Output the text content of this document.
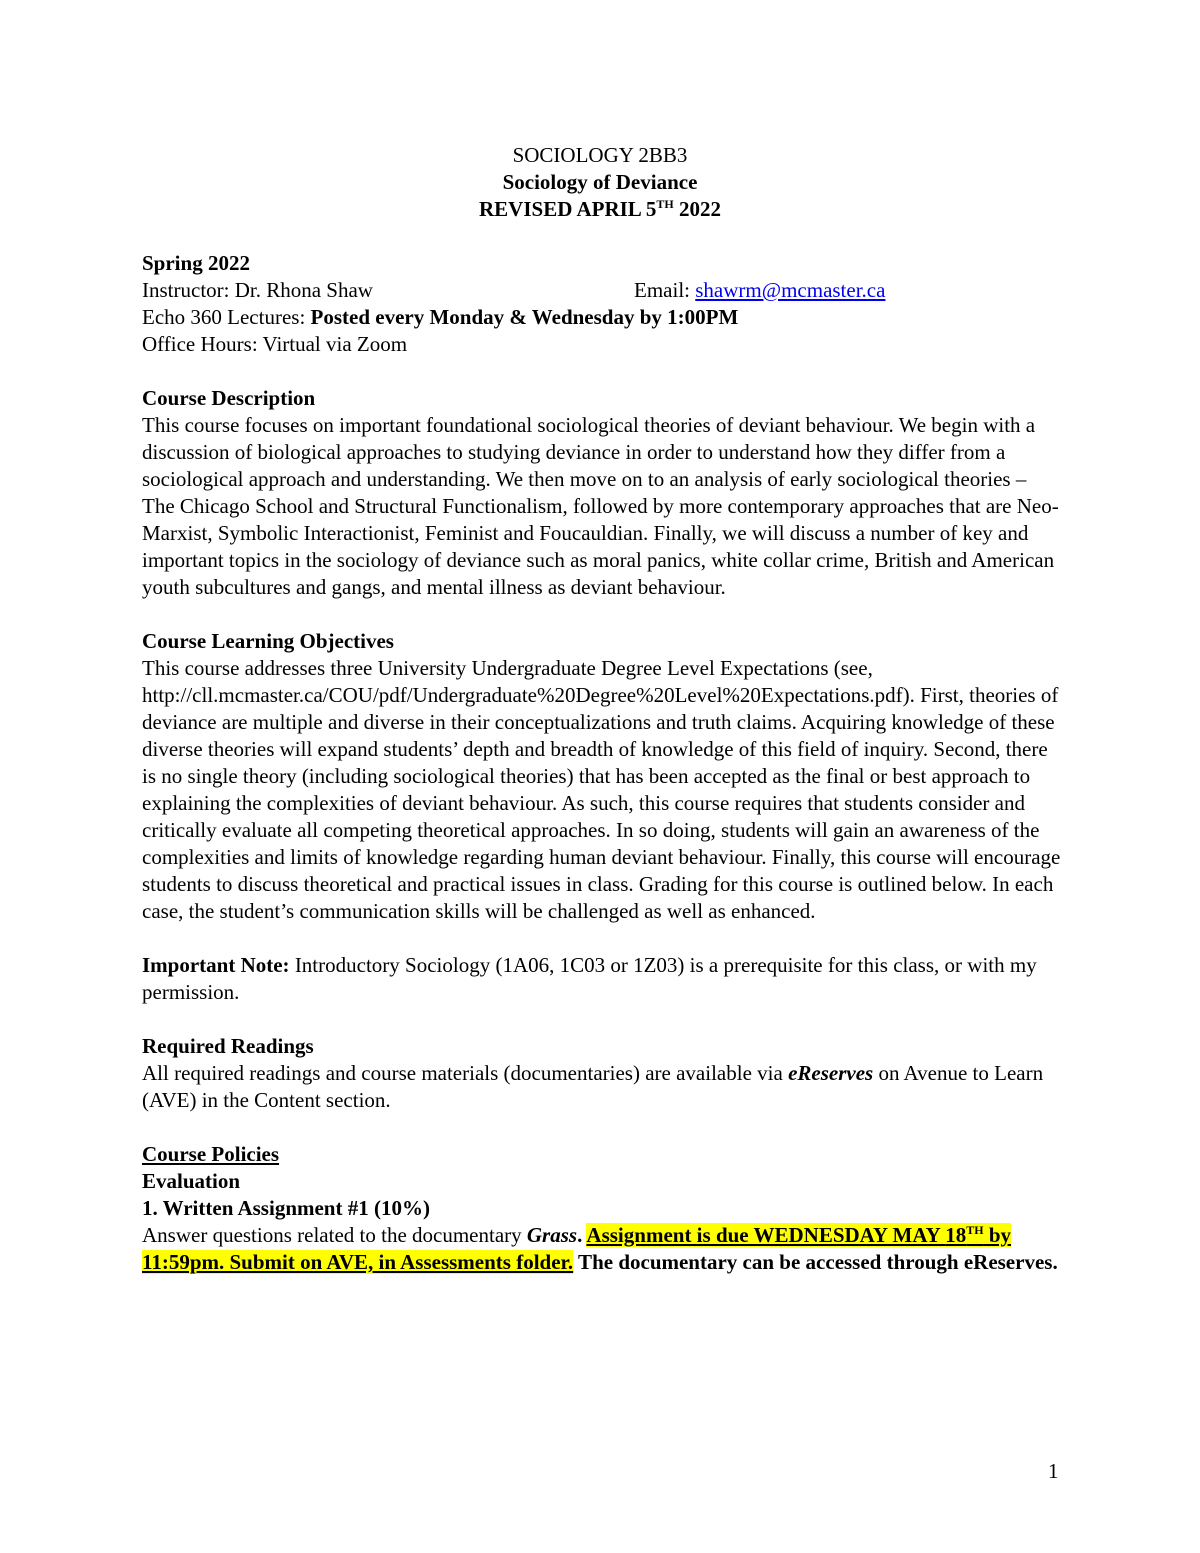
SOCIOLOGY 2BB3

Sociology of Deviance

REVISED APRIL 5TH 2022

Spring 2022

Instructor: Dr. Rhona Shaw	Email: shawrm@mcmaster.ca

Echo 360 Lectures: Posted every Monday & Wednesday by 1:00PM

Office Hours: Virtual via Zoom

Course Description

This course focuses on important foundational sociological theories of deviant behaviour. We begin with a discussion of biological approaches to studying deviance in order to understand how they differ from a sociological approach and understanding. We then move on to an analysis of early sociological theories – The Chicago School and Structural Functionalism, followed by more contemporary approaches that are Neo-Marxist, Symbolic Interactionist, Feminist and Foucauldian. Finally, we will discuss a number of key and important topics in the sociology of deviance such as moral panics, white collar crime, British and American youth subcultures and gangs, and mental illness as deviant behaviour.

Course Learning Objectives

This course addresses three University Undergraduate Degree Level Expectations (see, http://cll.mcmaster.ca/COU/pdf/Undergraduate%20Degree%20Level%20Expectations.pdf). First, theories of deviance are multiple and diverse in their conceptualizations and truth claims. Acquiring knowledge of these diverse theories will expand students’ depth and breadth of knowledge of this field of inquiry. Second, there is no single theory (including sociological theories) that has been accepted as the final or best approach to explaining the complexities of deviant behaviour. As such, this course requires that students consider and critically evaluate all competing theoretical approaches. In so doing, students will gain an awareness of the complexities and limits of knowledge regarding human deviant behaviour. Finally, this course will encourage students to discuss theoretical and practical issues in class. Grading for this course is outlined below. In each case, the student’s communication skills will be challenged as well as enhanced.

Important Note: Introductory Sociology (1A06, 1C03 or 1Z03) is a prerequisite for this class, or with my permission.

Required Readings

All required readings and course materials (documentaries) are available via eReserves on Avenue to Learn (AVE) in the Content section.

Course Policies

Evaluation

1. Written Assignment #1 (10%)

Answer questions related to the documentary Grass. Assignment is due WEDNESDAY MAY 18TH by 11:59pm. Submit on AVE, in Assessments folder. The documentary can be accessed through eReserves.

1
